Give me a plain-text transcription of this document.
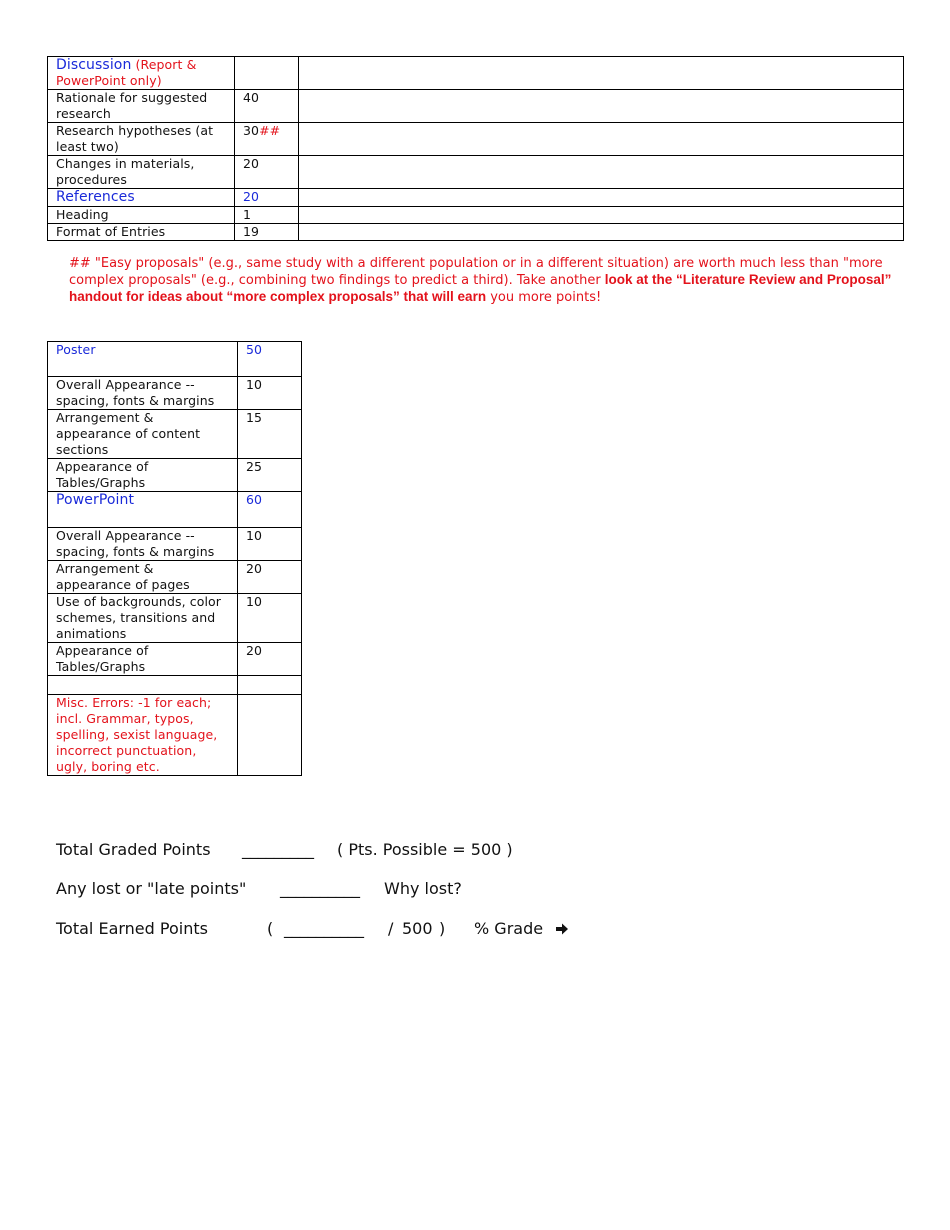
Discussion (Report & PowerPoint only)		
Rationale for suggested research	40	
Research hypotheses (at least two)	30##	
Changes in materials, procedures	20	
References	20	
Heading	1	
Format of Entries	19	

## "Easy proposals" (e.g., same study with a different population or in a different situation) are worth much less than "more complex proposals" (e.g., combining two findings to predict a third). Take another look at the “Literature Review and Proposal” handout for ideas about “more complex proposals” that will earn you more points!

Poster	50
Overall Appearance -- spacing, fonts & margins	10
Arrangement & appearance of content sections	15
Appearance of Tables/Graphs	25
PowerPoint	60
Overall Appearance -- spacing, fonts & margins	10
Arrangement & appearance of pages	20
Use of backgrounds, color schemes, transitions and animations	10
Appearance of Tables/Graphs	20

Misc. Errors: -1 for each; incl. Grammar, typos, spelling, sexist language, incorrect punctuation, ugly, boring etc.	

Total Graded Points

_________

( Pts. Possible = 500 )

Any lost or "late points"

__________

Why lost?

Total Earned Points

	(

__________

/

500

)

% Grade
